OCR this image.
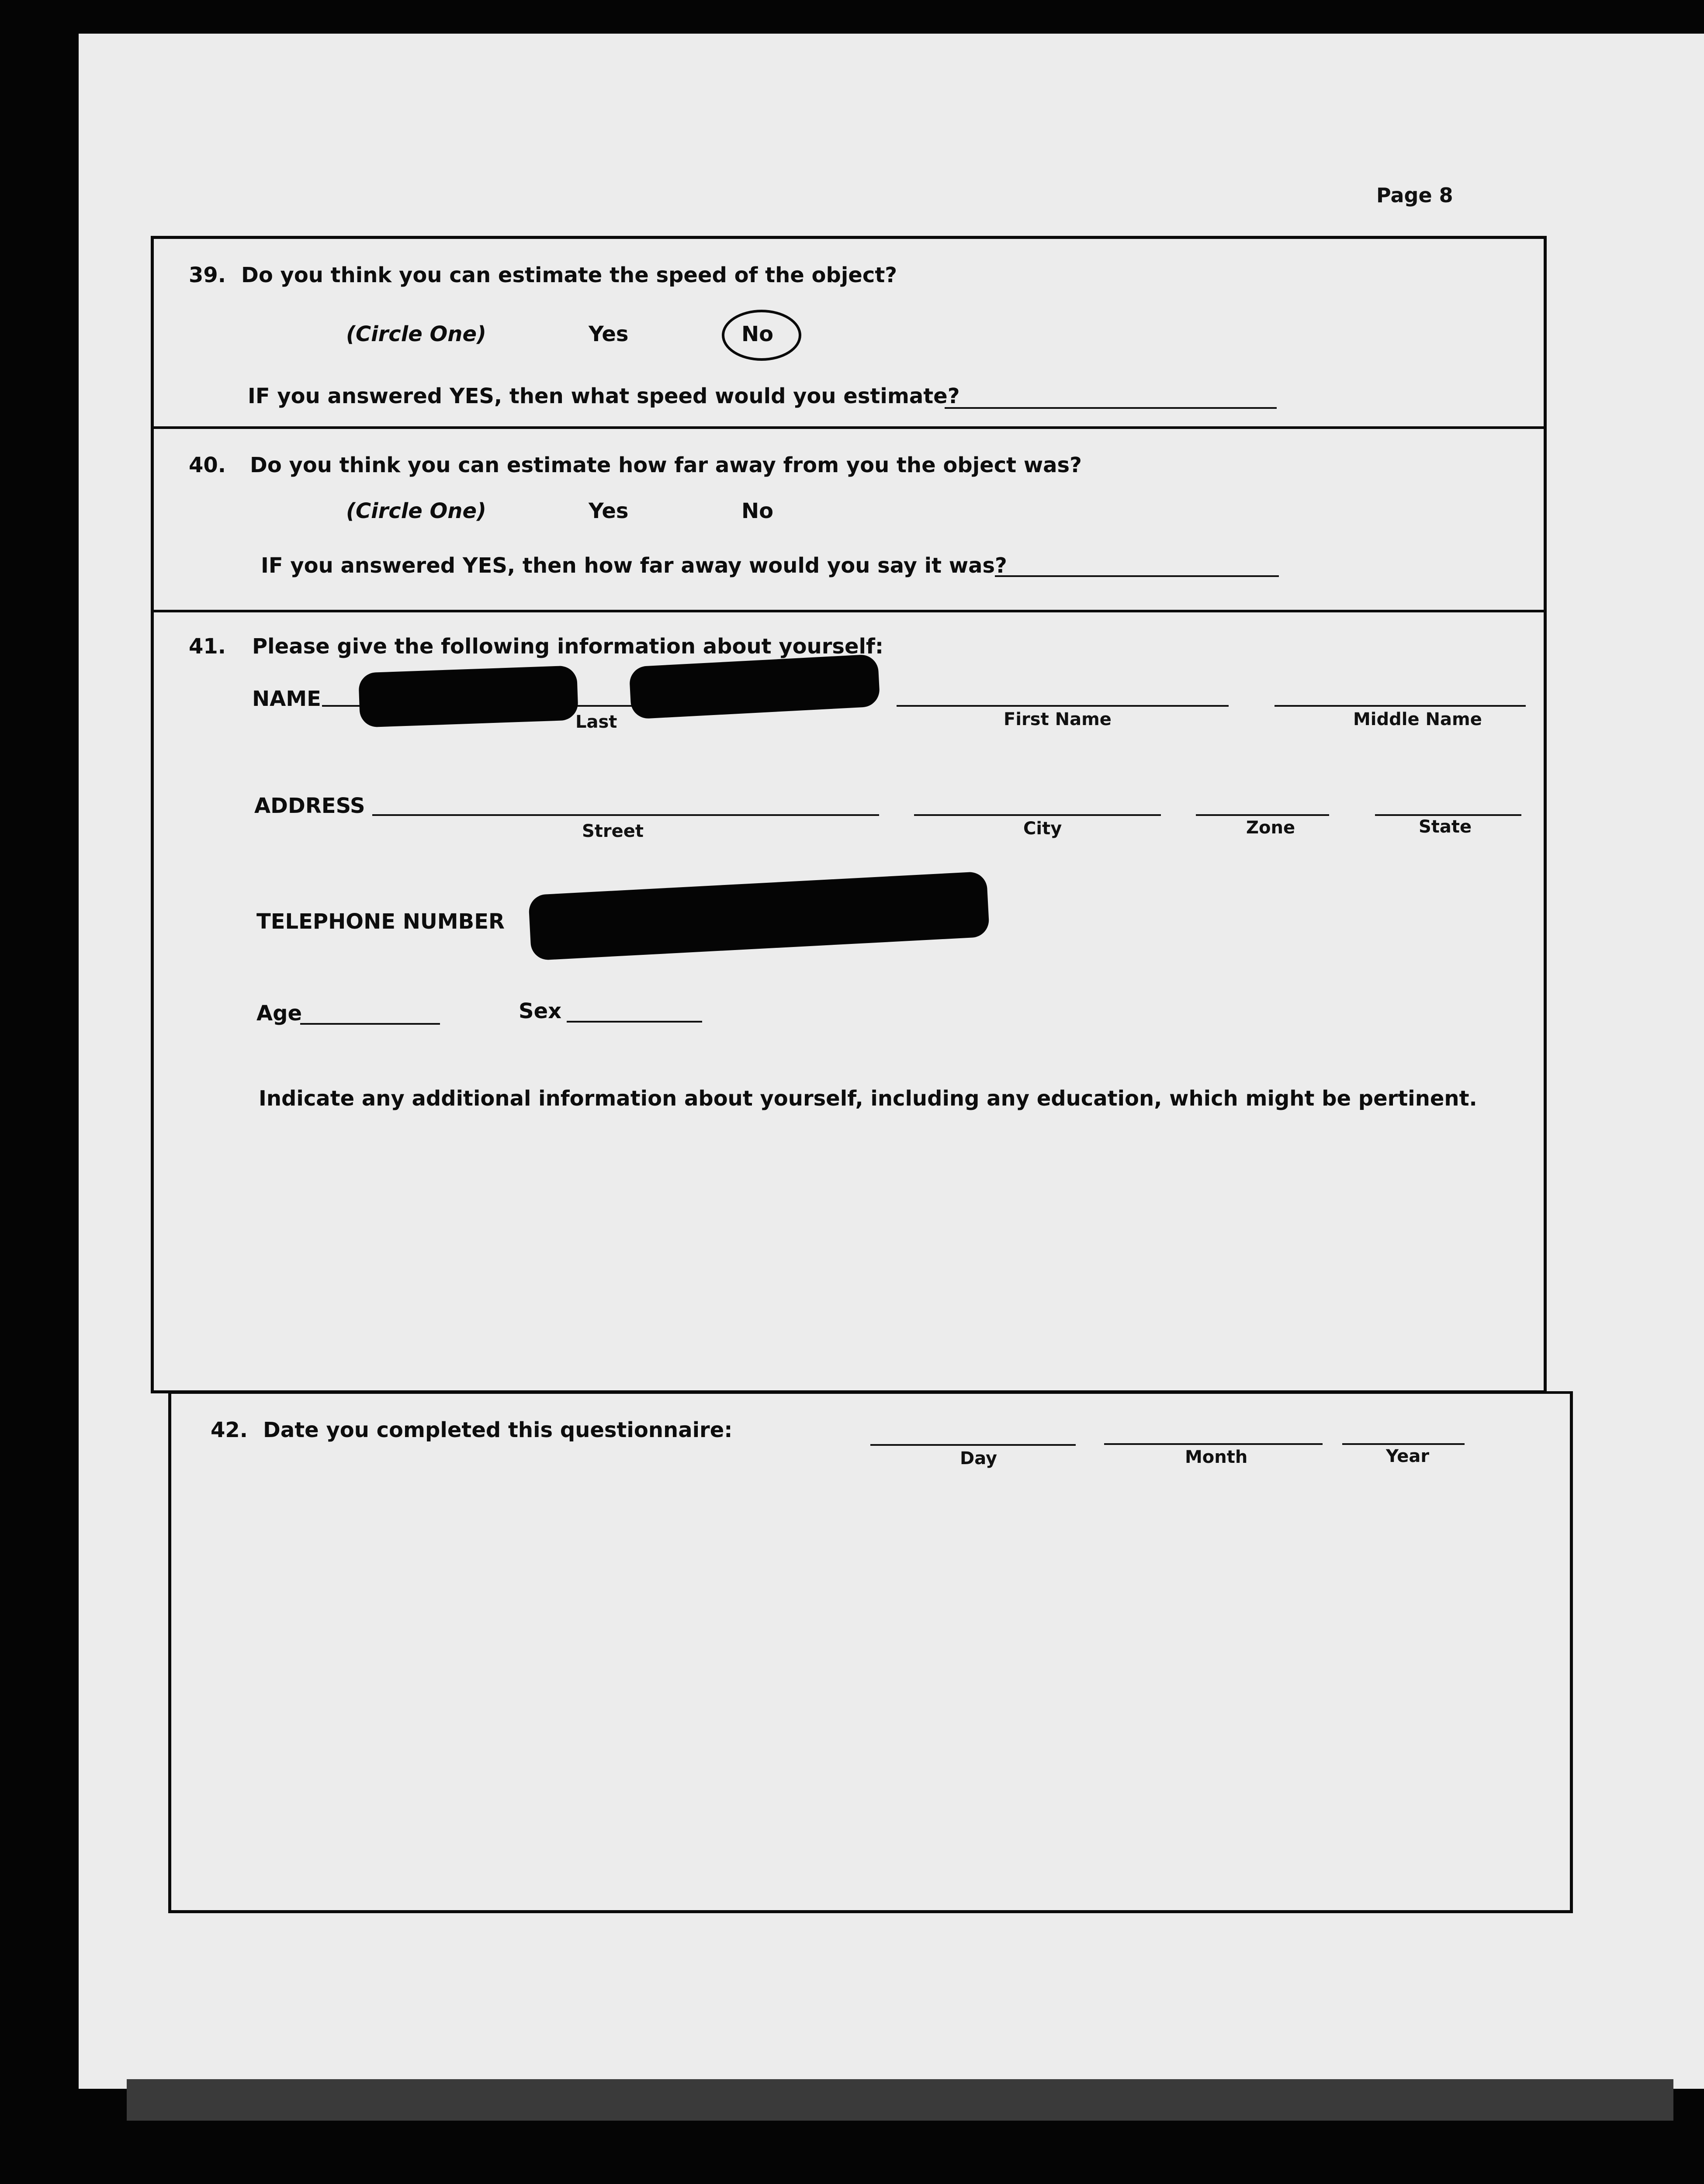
Page 8
39. Do you think you can estimate the speed of the object?
(Circle One)	Yes	No
IF you answered YES, then what speed would you estimate?
40. Do you think you can estimate how far away from you the object was?
(Circle One)	Yes	No
IF you answered YES, then how far away would you say it was?
41. Please give the following information about yourself:
NAME
Last	First Name	Middle Name
ADDRESS
Street	City	Zone	State
TELEPHONE NUMBER
Age	Sex
Indicate any additional information about yourself, including any education, which might be pertinent.
42. Date you completed this questionnaire:
Day	Month	Year
